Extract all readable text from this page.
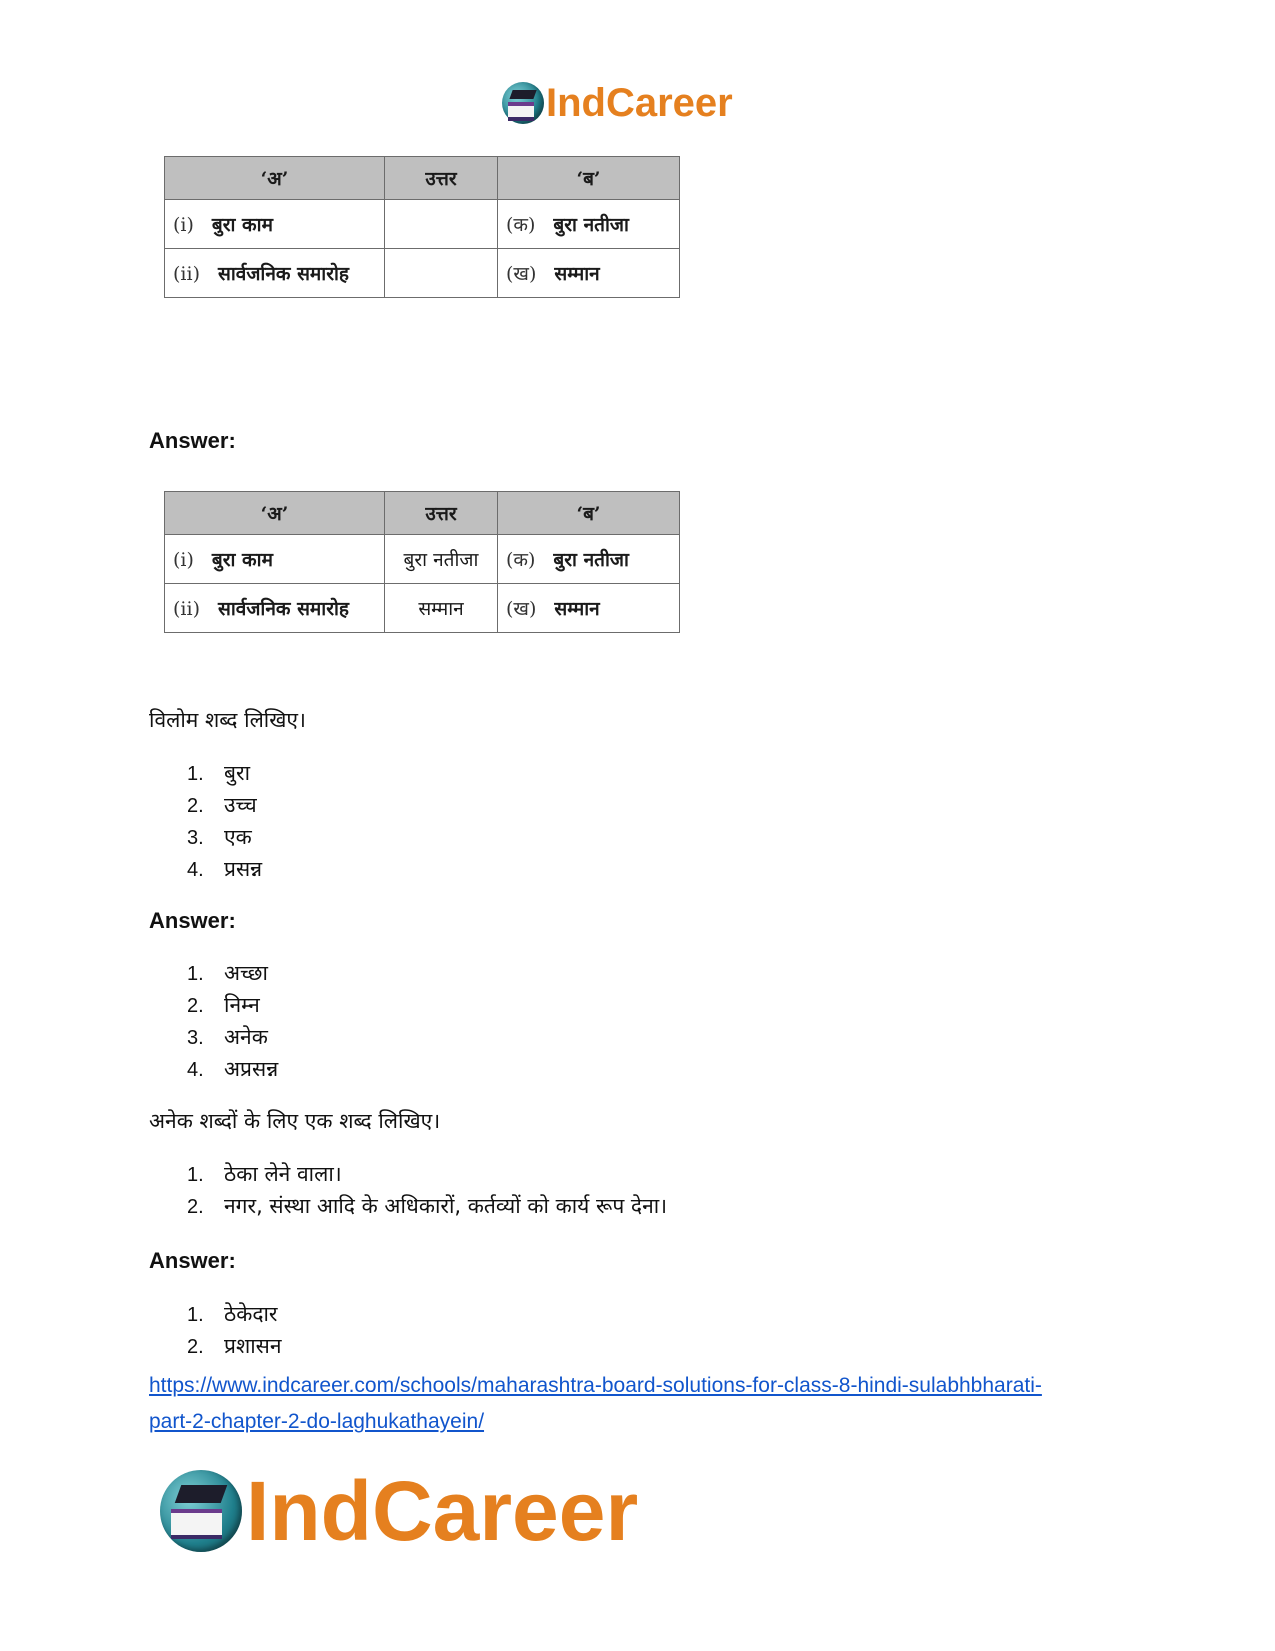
IndCareer
‘अ’	उत्तर	‘ब’
(i) बुरा काम		(क) बुरा नतीजा
(ii) सार्वजनिक समारोह		(ख) सम्मान
Answer:
‘अ’	उत्तर	‘ब’
(i) बुरा काम	बुरा नतीजा	(क) बुरा नतीजा
(ii) सार्वजनिक समारोह	सम्मान	(ख) सम्मान
विलोम शब्द लिखिए।
1. बुरा
2. उच्च
3. एक
4. प्रसन्न
Answer:
1. अच्छा
2. निम्न
3. अनेक
4. अप्रसन्न
अनेक शब्दों के लिए एक शब्द लिखिए।
1. ठेका लेने वाला।
2. नगर, संस्था आदि के अधिकारों, कर्तव्यों को कार्य रूप देना।
Answer:
1. ठेकेदार
2. प्रशासन
https://www.indcareer.com/schools/maharashtra-board-solutions-for-class-8-hindi-sulabhbharati-
part-2-chapter-2-do-laghukathayein/
IndCareer
